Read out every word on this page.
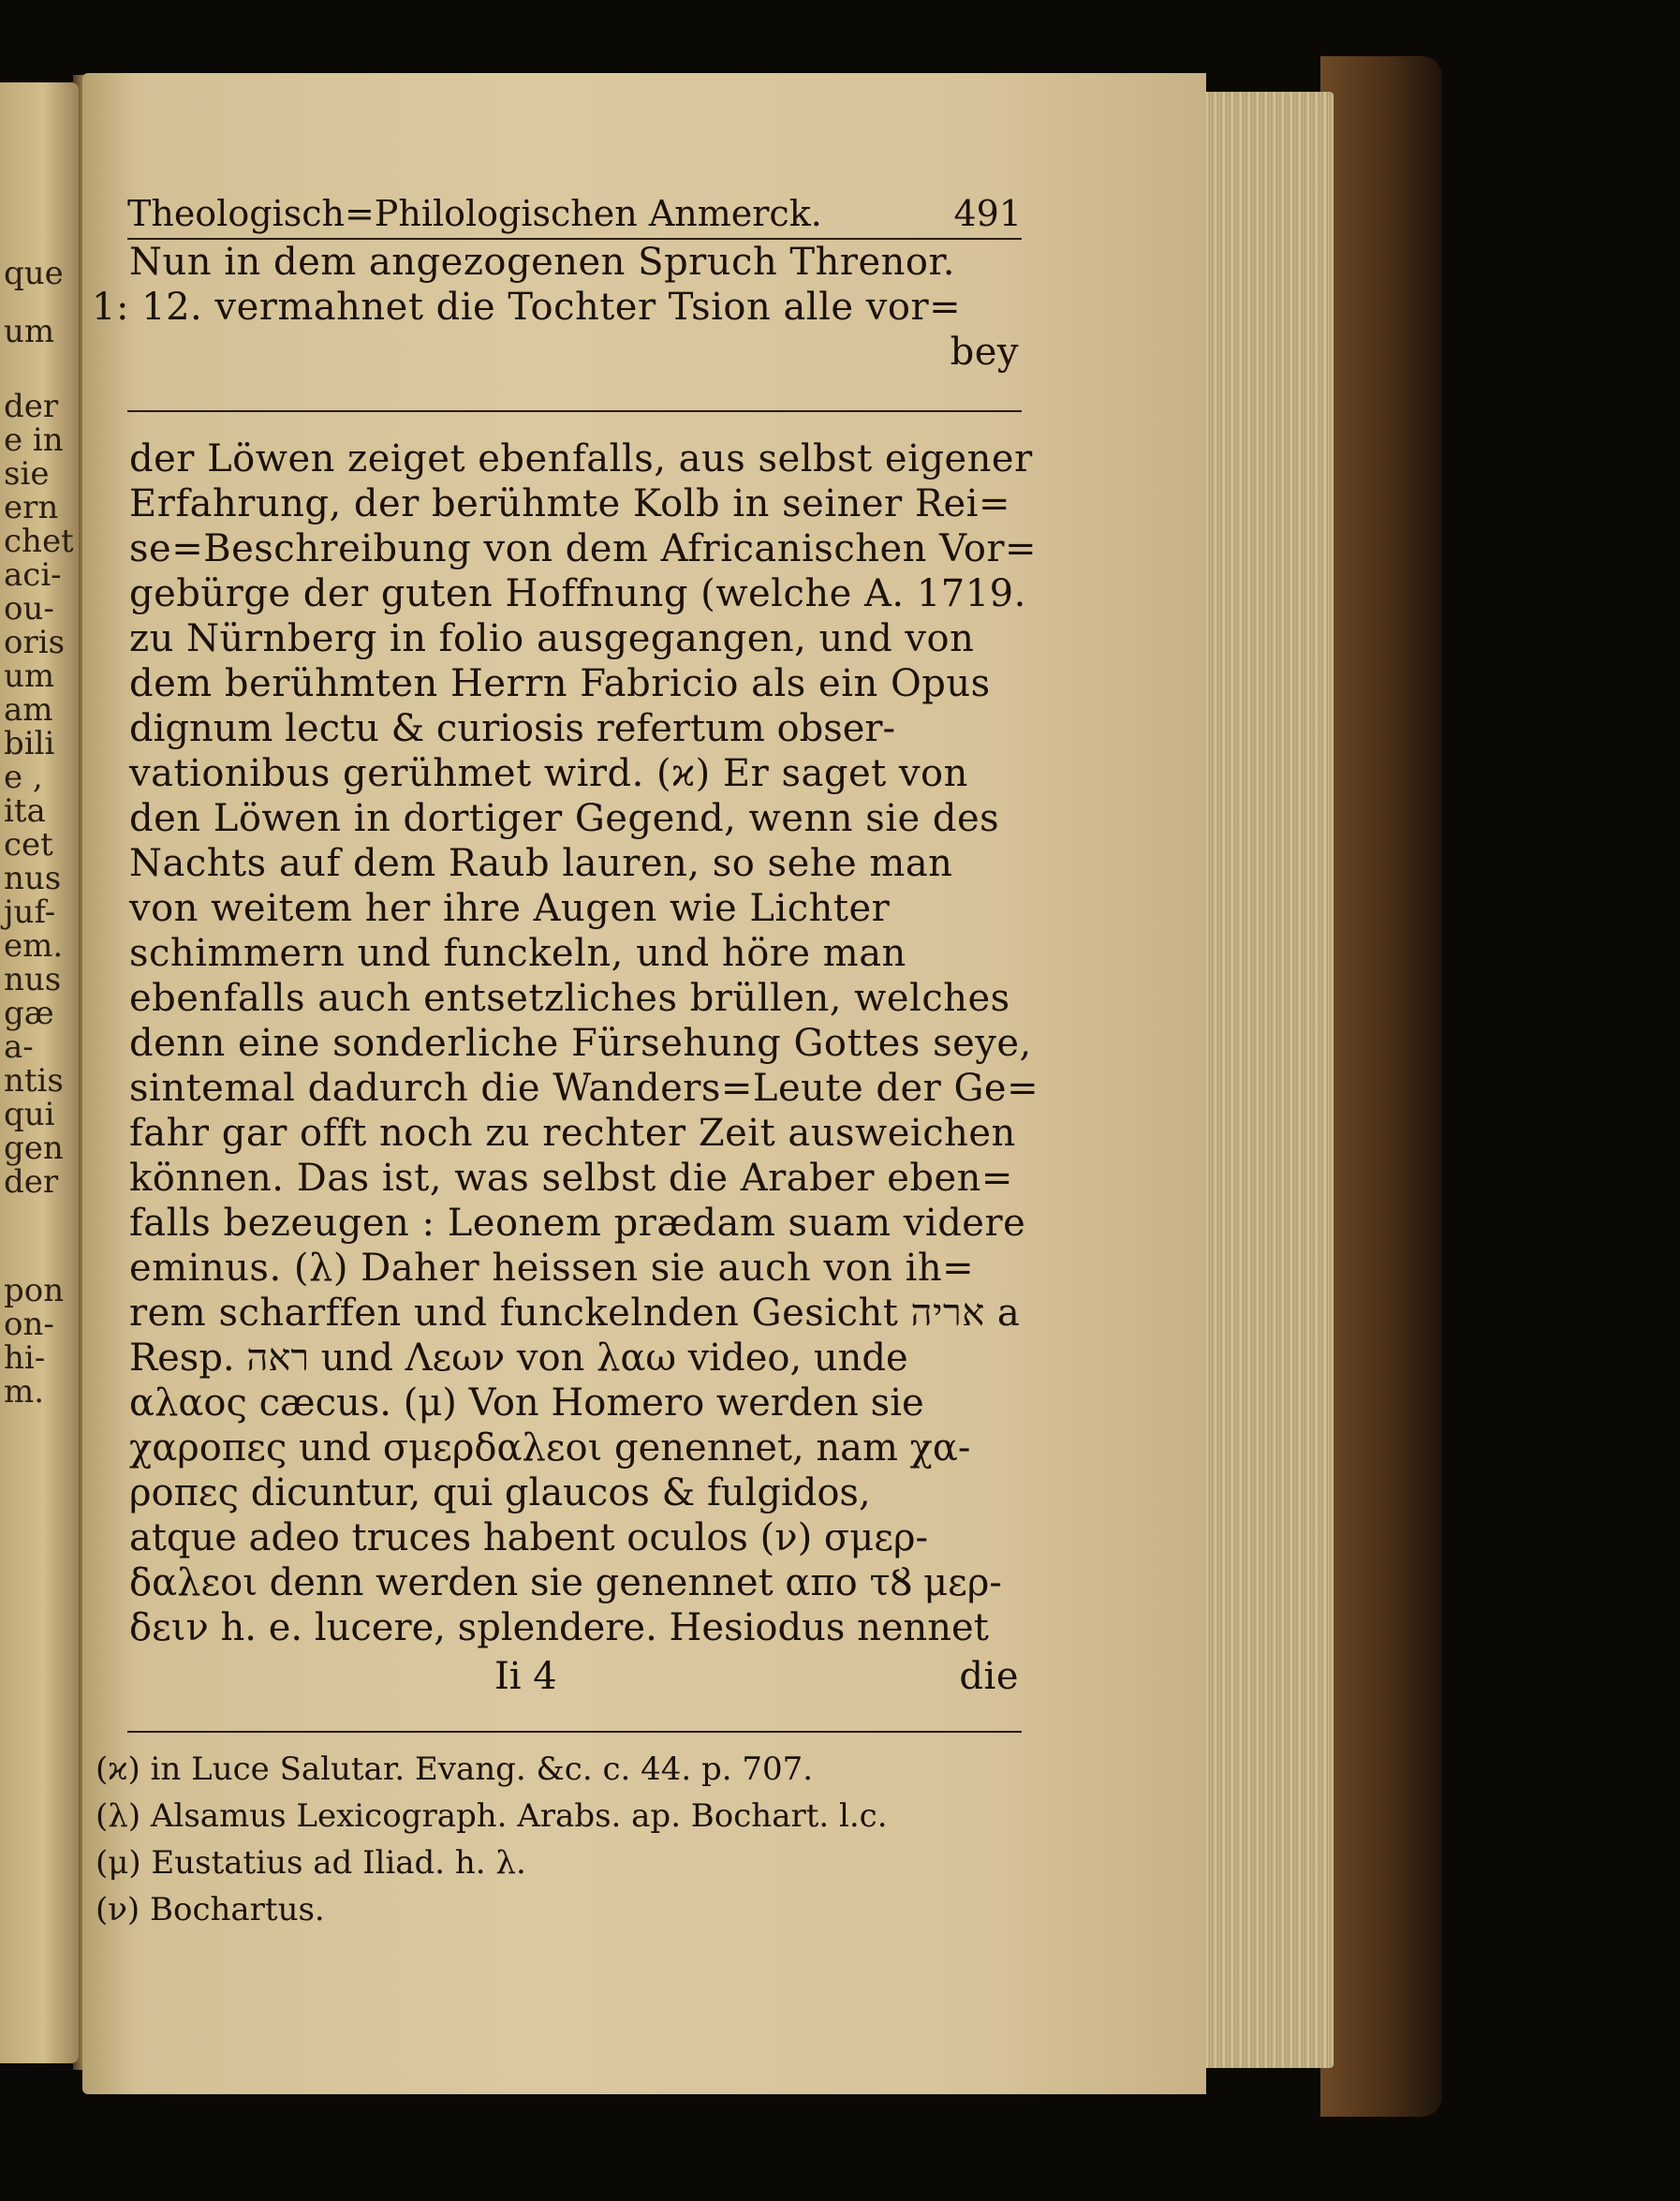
que
um
der
e in
sie
ern
chet
aci-
ou-
oris
um
am
bili
e ,
ita
cet
nus
juf-
em.
nus
gæ
a-
ntis
qui
gen
der
pon
on-
hi-
m.
Theologisch=Philologischen Anmerck.	491
Nun in dem angezogenen Spruch Threnor.
1: 12. vermahnet die Tochter Tsion alle vor=
bey
der Löwen zeiget ebenfalls, aus selbst eigener
Erfahrung, der berühmte Kolb in seiner Rei=
se=Beschreibung von dem Africanischen Vor=
gebürge der guten Hoffnung (welche A. 1719.
zu Nürnberg in folio ausgegangen, und von
dem berühmten Herrn Fabricio als ein Opus
dignum lectu & curiosis refertum obser-
vationibus gerühmet wird. (ϰ) Er saget von
den Löwen in dortiger Gegend, wenn sie des
Nachts auf dem Raub lauren, so sehe man
von weitem her ihre Augen wie Lichter
schimmern und funckeln, und höre man
ebenfalls auch entsetzliches brüllen, welches
denn eine sonderliche Fürsehung Gottes seye,
sintemal dadurch die Wanders=Leute der Ge=
fahr gar offt noch zu rechter Zeit ausweichen
können. Das ist, was selbst die Araber eben=
falls bezeugen : Leonem prædam suam videre
eminus. (λ) Daher heissen sie auch von ih=
rem scharffen und funckelnden Gesicht אריה a
Resp. ראה und Λεων von λαω video, unde
αλαος cæcus. (μ) Von Homero werden sie
χαροπες und σμερδαλεοι genennet, nam χα-
ροπες dicuntur, qui glaucos & fulgidos,
atque adeo truces habent oculos (ν) σμερ-
δαλεοι denn werden sie genennet απο τȢ μερ-
δειν h. e. lucere, splendere. Hesiodus nennet
Ii 4	die
(ϰ) in Luce Salutar. Evang. &c. c. 44. p. 707.
(λ) Alsamus Lexicograph. Arabs. ap. Bochart. l.c.
(μ) Eustatius ad Iliad. h. λ.
(ν) Bochartus.
